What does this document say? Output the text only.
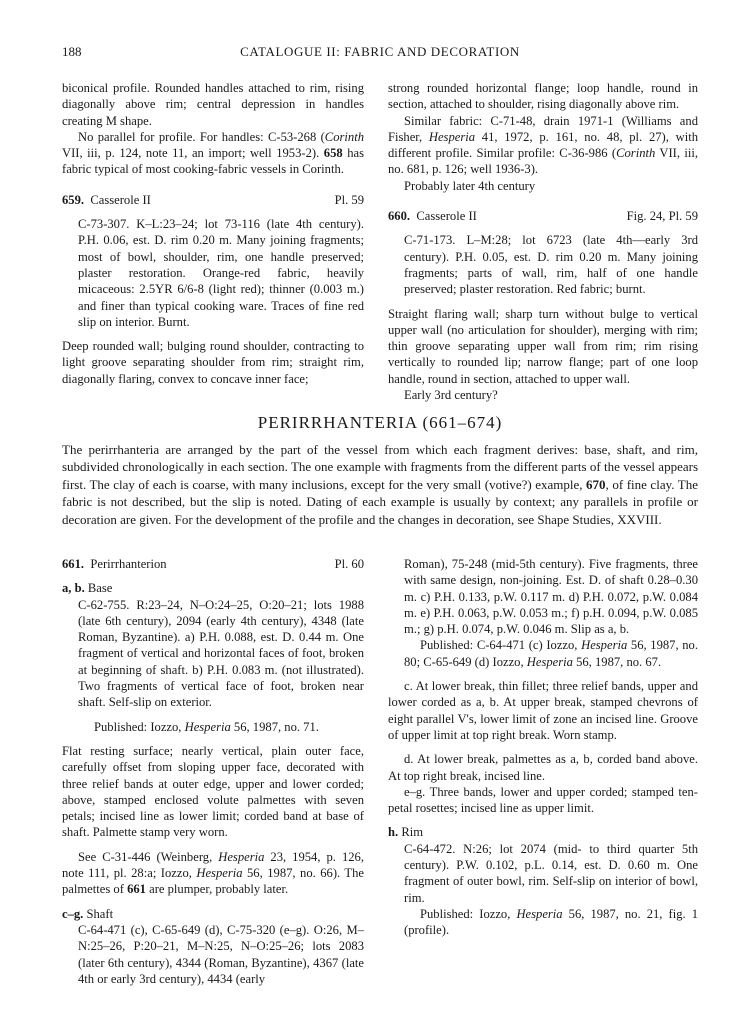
188	CATALOGUE II: FABRIC AND DECORATION

biconical profile. Rounded handles attached to rim, rising diagonally above rim; central depression in handles creating M shape.

No parallel for profile. For handles: C-53-268 (Corinth VII, iii, p. 124, note 11, an import; well 1953-2). 658 has fabric typical of most cooking-fabric vessels in Corinth.

659. Casserole II	Pl. 59

C-73-307. K–L:23–24; lot 73-116 (late 4th century). P.H. 0.06, est. D. rim 0.20 m. Many joining fragments; most of bowl, shoulder, rim, one handle preserved; plaster restoration. Orange-red fabric, heavily micaceous: 2.5YR 6/6-8 (light red); thinner (0.003 m.) and finer than typical cooking ware. Traces of fine red slip on interior. Burnt.

Deep rounded wall; bulging round shoulder, contracting to light groove separating shoulder from rim; straight rim, diagonally flaring, convex to concave inner face;

strong rounded horizontal flange; loop handle, round in section, attached to shoulder, rising diagonally above rim.

Similar fabric: C-71-48, drain 1971-1 (Williams and Fisher, Hesperia 41, 1972, p. 161, no. 48, pl. 27), with different profile. Similar profile: C-36-986 (Corinth VII, iii, no. 681, p. 126; well 1936-3).

Probably later 4th century

660. Casserole II	Fig. 24, Pl. 59

C-71-173. L–M:28; lot 6723 (late 4th—early 3rd century). P.H. 0.05, est. D. rim 0.20 m. Many joining fragments; parts of wall, rim, half of one handle preserved; plaster restoration. Red fabric; burnt.

Straight flaring wall; sharp turn without bulge to vertical upper wall (no articulation for shoulder), merging with rim; thin groove separating upper wall from rim; rim rising vertically to rounded lip; narrow flange; part of one loop handle, round in section, attached to upper wall.

Early 3rd century?

PERIRRHANTERIA (661–674)

The perirrhanteria are arranged by the part of the vessel from which each fragment derives: base, shaft, and rim, subdivided chronologically in each section. The one example with fragments from the different parts of the vessel appears first. The clay of each is coarse, with many inclusions, except for the very small (votive?) example, 670, of fine clay. The fabric is not described, but the slip is noted. Dating of each example is usually by context; any parallels in profile or decoration are given. For the development of the profile and the changes in decoration, see Shape Studies, XXVIII.

661. Perirrhanterion	Pl. 60

a, b. Base

C-62-755. R:23–24, N–O:24–25, O:20–21; lots 1988 (late 6th century), 2094 (early 4th century), 4348 (late Roman, Byzantine). a) P.H. 0.088, est. D. 0.44 m. One fragment of vertical and horizontal faces of foot, broken at beginning of shaft. b) P.H. 0.083 m. (not illustrated). Two fragments of vertical face of foot, broken near shaft. Self-slip on exterior.

Published: Iozzo, Hesperia 56, 1987, no. 71.

Flat resting surface; nearly vertical, plain outer face, carefully offset from sloping upper face, decorated with three relief bands at outer edge, upper and lower corded; above, stamped enclosed volute palmettes with seven petals; incised line as lower limit; corded band at base of shaft. Palmette stamp very worn.

See C-31-446 (Weinberg, Hesperia 23, 1954, p. 126, note 111, pl. 28:a; Iozzo, Hesperia 56, 1987, no. 66). The palmettes of 661 are plumper, probably later.

c–g. Shaft

C-64-471 (c), C-65-649 (d), C-75-320 (e–g). O:26, M–N:25–26, P:20–21, M–N:25, N–O:25–26; lots 2083 (later 6th century), 4344 (Roman, Byzantine), 4367 (late 4th or early 3rd century), 4434 (early

Roman), 75-248 (mid-5th century). Five fragments, three with same design, non-joining. Est. D. of shaft 0.28–0.30 m. c) P.H. 0.133, p.W. 0.117 m. d) P.H. 0.072, p.W. 0.084 m. e) P.H. 0.063, p.W. 0.053 m.; f) p.H. 0.094, p.W. 0.085 m.; g) p.H. 0.074, p.W. 0.046 m. Slip as a, b.

Published: C-64-471 (c) Iozzo, Hesperia 56, 1987, no. 80; C-65-649 (d) Iozzo, Hesperia 56, 1987, no. 67.

c. At lower break, thin fillet; three relief bands, upper and lower corded as a, b. At upper break, stamped chevrons of eight parallel V's, lower limit of zone an incised line. Groove of upper limit at top right break. Worn stamp.

d. At lower break, palmettes as a, b, corded band above. At top right break, incised line.

e–g. Three bands, lower and upper corded; stamped ten-petal rosettes; incised line as upper limit.

h. Rim

C-64-472. N:26; lot 2074 (mid- to third quarter 5th century). P.W. 0.102, p.L. 0.14, est. D. 0.60 m. One fragment of outer bowl, rim. Self-slip on interior of bowl, rim.

Published: Iozzo, Hesperia 56, 1987, no. 21, fig. 1 (profile).
